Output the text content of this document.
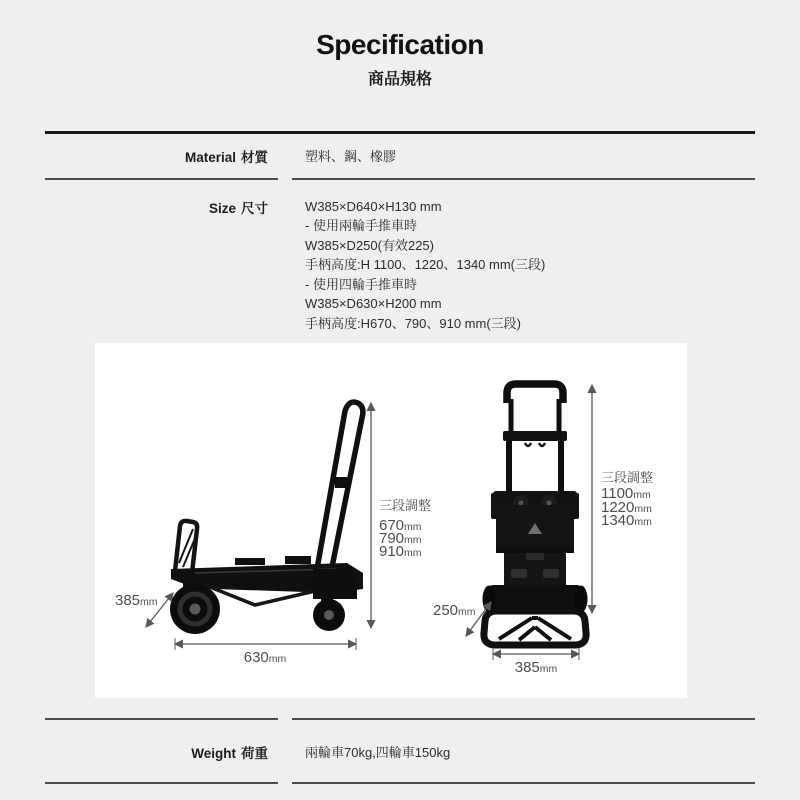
Specification
商品規格
Material 材質	塑料、鋼、橡膠
Size 尺寸	W385×D640×H130 mm
- 使用兩輪手推車時
W385×D250(有效225)
手柄高度:H 1100、1220、1340 mm(三段)
- 使用四輪手推車時
W385×D630×H200 mm
手柄高度:H670、790、910 mm(三段)
三段調整
670mm
790mm
910mm
385mm
630mm
三段調整
1100mm
1220mm
1340mm
250mm
385mm
Weight 荷重	兩輪車70kg,四輪車150kg
